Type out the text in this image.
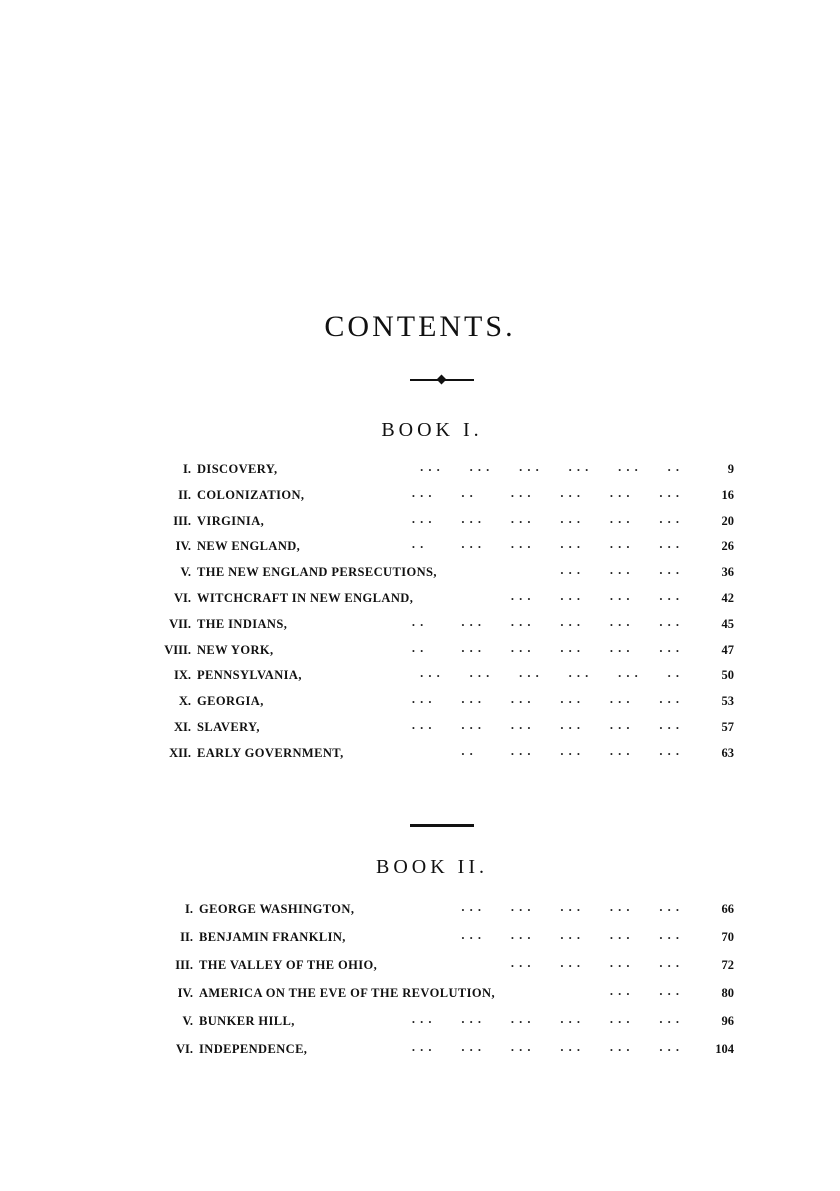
CONTENTS.
BOOK I.
I. DISCOVERY,	. . .       . . .       . . .       . . .       . . .       . .	9
II. COLONIZATION,	. . .       . .         . . .       . . .       . . .       . . .	16
III. VIRGINIA,	. . .       . . .       . . .       . . .       . . .       . . .	20
IV. NEW ENGLAND,	. .         . . .       . . .       . . .       . . .       . . .	26
V. THE NEW ENGLAND PERSECUTIONS,	. . .       . . .       . . .	36
VI. WITCHCRAFT IN NEW ENGLAND,	. . .       . . .       . . .       . . .	42
VII. THE INDIANS,	. .         . . .       . . .       . . .       . . .       . . .	45
VIII. NEW YORK,	. .         . . .       . . .       . . .       . . .       . . .	47
IX. PENNSYLVANIA,	. . .       . . .       . . .       . . .       . . .       . .	50
X. GEORGIA,	. . .       . . .       . . .       . . .       . . .       . . .	53
XI. SLAVERY,	. . .       . . .       . . .       . . .       . . .       . . .	57
XII. EARLY GOVERNMENT,	. .         . . .       . . .       . . .       . . .	63
BOOK II.
I. GEORGE WASHINGTON,	. . .       . . .       . . .       . . .       . . .	66
II. BENJAMIN FRANKLIN,	. . .       . . .       . . .       . . .       . . .	70
III. THE VALLEY OF THE OHIO,	. . .       . . .       . . .       . . .	72
IV. AMERICA ON THE EVE OF THE REVOLUTION,	. . .       . . .	80
V. BUNKER HILL,	. . .       . . .       . . .       . . .       . . .       . . .	96
VI. INDEPENDENCE,	. . .       . . .       . . .       . . .       . . .       . . .	104
